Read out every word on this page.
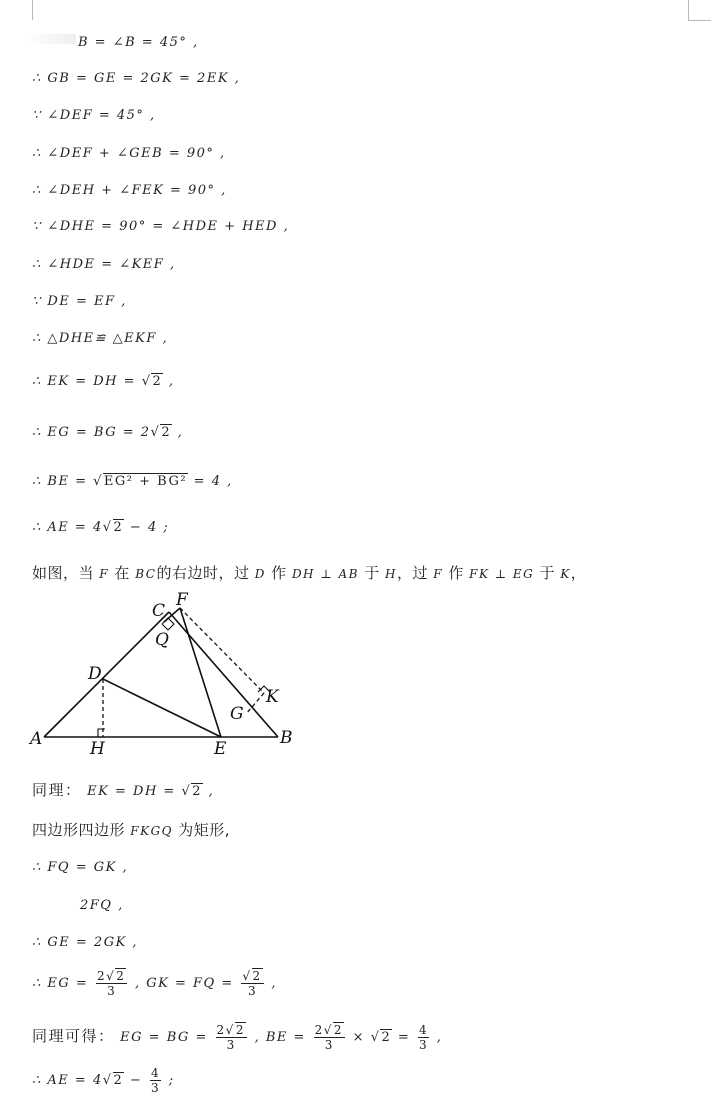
B = ∠B = 45° ,
∴ GB = GE = 2GK = 2EK ,
∵ ∠DEF = 45° ,
∴ ∠DEF + ∠GEB = 90° ,
∴ ∠DEH + ∠FEK = 90° ,
∵ ∠DHE = 90° = ∠HDE + HED ,
∴ ∠HDE = ∠KEF ,
∵ DE = EF ,
∴ △DHE≌ △EKF ,
∴ EK = DH = √2 ,
∴ EG = BG = 2√2 ,
∴ BE = √EG² + BG² = 4 ,
∴ AE = 4√2 − 4 ;
如图，当 F 在 BC的右边时，过 D 作 DH ⊥ AB 于 H，过 F 作 FK ⊥ EG 于 K，
A	B
C
D
E
F
G
H
K
Q
同理： EK = DH = √2 ,
四边形四边形 FKGQ 为矩形,
∴ FQ = GK ,
2FQ ,
∴ GE = 2GK ,
∴ EG = $\frac{2√2}{3}$ , GK = FQ = $\frac{√2}{3}$ ,
同理可得： EG = BG = $\frac{2√2}{3}$ , BE = $\frac{2√2}{3} \times √2 = \frac{4}{3}$ ,
∴ AE = $4√2 - \frac{4}{3}$ ;
